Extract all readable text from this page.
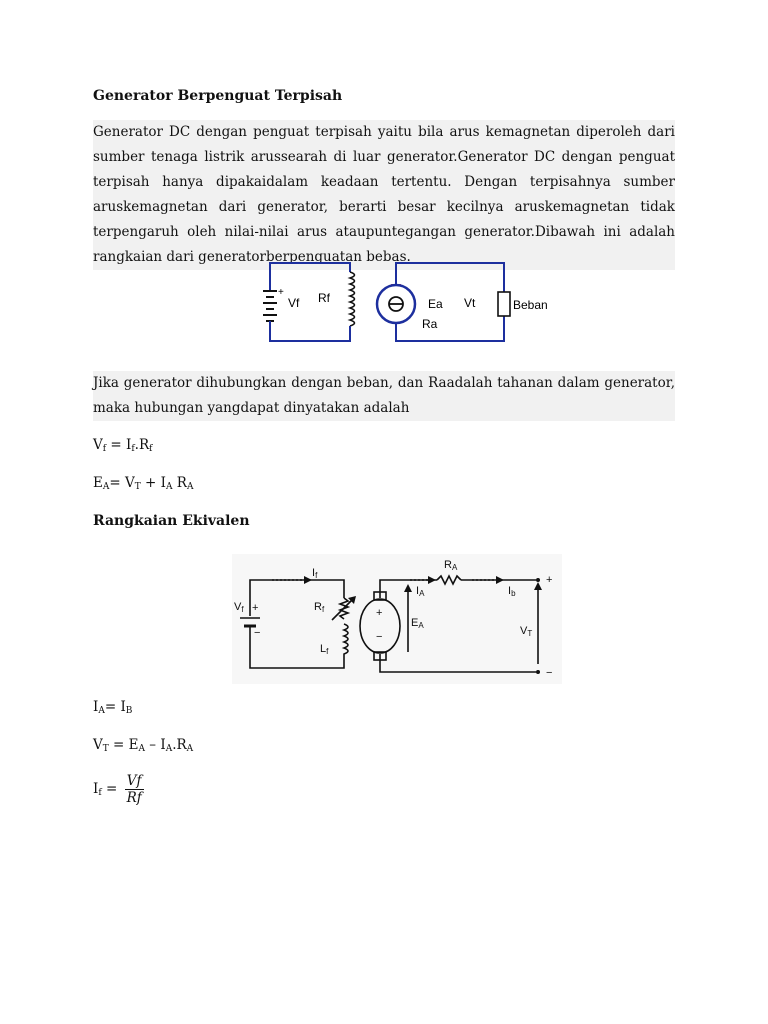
Generator Berpenguat Terpisah

Generator DC dengan penguat terpisah yaitu bila arus kemagnetan diperoleh dari sumber tenaga listrik arussearah di luar generator.Generator DC dengan penguat terpisah hanya dipakaidalam keadaan tertentu. Dengan terpisahnya sumber aruskemagnetan dari generator, berarti besar kecilnya aruskemagnetan tidak terpengaruh oleh nilai-nilai arus ataupuntegangan generator.Dibawah ini adalah rangkaian dari generatorberpenguatan bebas.

+
Vf Rf	Ea
Ra
Vt	Beban

Jika generator dihubungkan dengan beban, dan Raadalah tahanan dalam generator, maka hubungan yangdapat dinyatakan adalah

$V_f = I_f.R_f$

$E_A= V_T + I_A$ $R_A$

Rangkaian Ekivalen
Vf +
−
If
Rf
Lf
+
−
EA
IA
RA
Ib
VT
+
−

$I_A= I_B$

$V_T = E_A - I_A.R_A$

$I_f = \frac{Vf}{Rf}$
